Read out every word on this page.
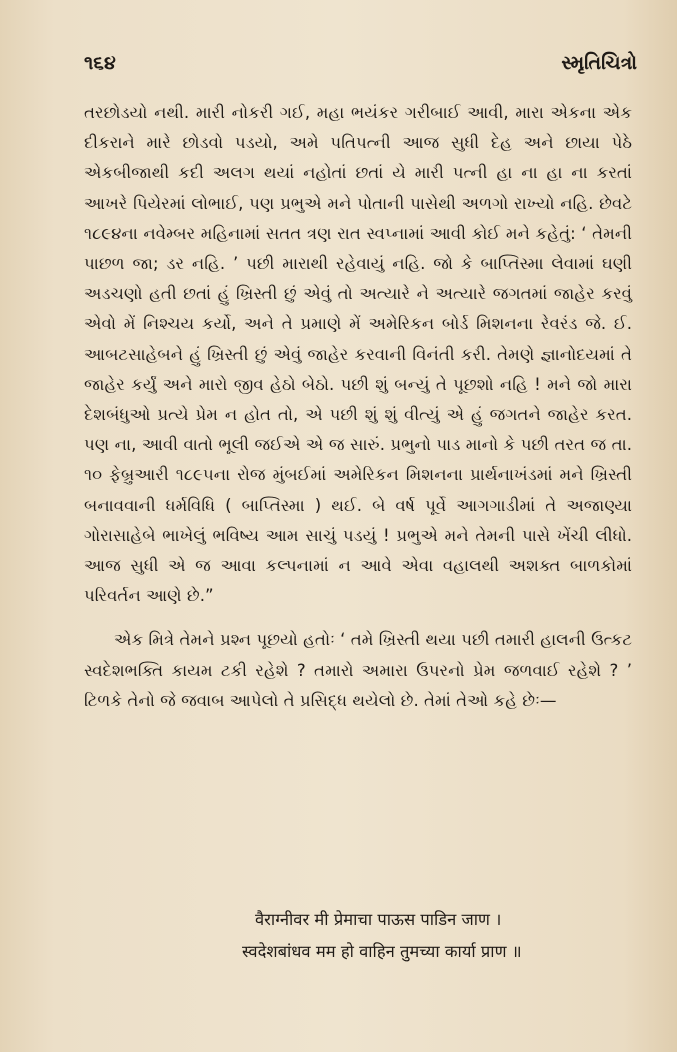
૧૬૪	સ્મૃતિચિત્રો

તરછોડયો નથી. મારી નોકરી ગઈ, મહા ભયંકર ગરીબાઈ આવી, મારા એકના એક દીકરાને મારે છોડવો પડયો, અમે પતિપત્ની આજ સુધી દેહ અને છાયા પેઠે એકબીજાથી કદી અલગ થયાં નહોતાં છતાં યે મારી પત્ની હા ના હા ના કરતાં આખરે પિયેરમાં લોભાઈ, પણ પ્રભુએ મને પોતાની પાસેથી અળગો રાખ્યો નહિ. છેવટે ૧૮૯૪ના નવેમ્બર મહિનામાં સતત ત્રણ રાત સ્વપ્નામાં આવી કોઈ મને કહેતું: ‘ તેમની પાછળ જા; ડર નહિ. ’ પછી મારાથી રહેવાયું નહિ. જો કે બાપ્તિસ્મા લેવામાં ઘણી અડચણો હતી છતાં હું ખ્રિસ્તી છું એવું તો અત્યારે ને અત્યારે જગતમાં જાહેર કરવું એવો મેં નિશ્ચય કર્યો, અને તે પ્રમાણે મેં અમેરિકન બોર્ડ મિશનના રેવરંડ જે. ઈ. આબટસાહેબને હું ખ્રિસ્તી છું એવું જાહેર કરવાની વિનંતી કરી. તેમણે જ્ઞાનોદયમાં તે જાહેર કર્યું અને મારો જીવ હેઠો બેઠો. પછી શું બન્યું તે પૂછશો નહિ ! મને જો મારા દેશબંધુઓ પ્રત્યે પ્રેમ ન હોત તો, એ પછી શું શું વીત્યું એ હું જગતને જાહેર કરત. પણ ના, આવી વાતો ભૂલી જઈએ એ જ સારું. પ્રભુનો પાડ માનો કે પછી તરત જ તા. ૧૦ ફેબ્રુઆરી ૧૮૯૫ના રોજ મુંબઈમાં અમેરિકન મિશનના પ્રાર્થનાખંડમાં મને ખ્રિસ્તી બનાવવાની ધર્મવિધિ ( બાપ્તિસ્મા ) થઈ. બે વર્ષ પૂર્વે આગગાડીમાં તે અજાણ્યા ગોરાસાહેબે ભાખેલું ભવિષ્ય આમ સાચું પડયું ! પ્રભુએ મને તેમની પાસે ખેંચી લીધો. આજ સુધી એ જ આવા કલ્પનામાં ન આવે એવા વહાલથી અશક્ત બાળકોમાં પરિવર્તન આણે છે.”

એક મિત્રે તેમને પ્રશ્ન પૂછયો હતોઃ ‘ તમે ખ્રિસ્તી થયા પછી તમારી હાલની ઉત્કટ સ્વદેશભક્તિ કાયમ ટકી રહેશે ? તમારો અમારા ઉપરનો પ્રેમ જળવાઈ રહેશે ? ’ ટિળકે તેનો જે જવાબ આપેલો તે પ્રસિદ્ધ થયેલો છે. તેમાં તેઓ કહે છેઃ—

वैराग्नीवर मी प्रेमाचा पाऊस पाडिन जाण ।
स्वदेशबांधव मम हो वाहिन तुमच्या कार्या प्राण ॥
